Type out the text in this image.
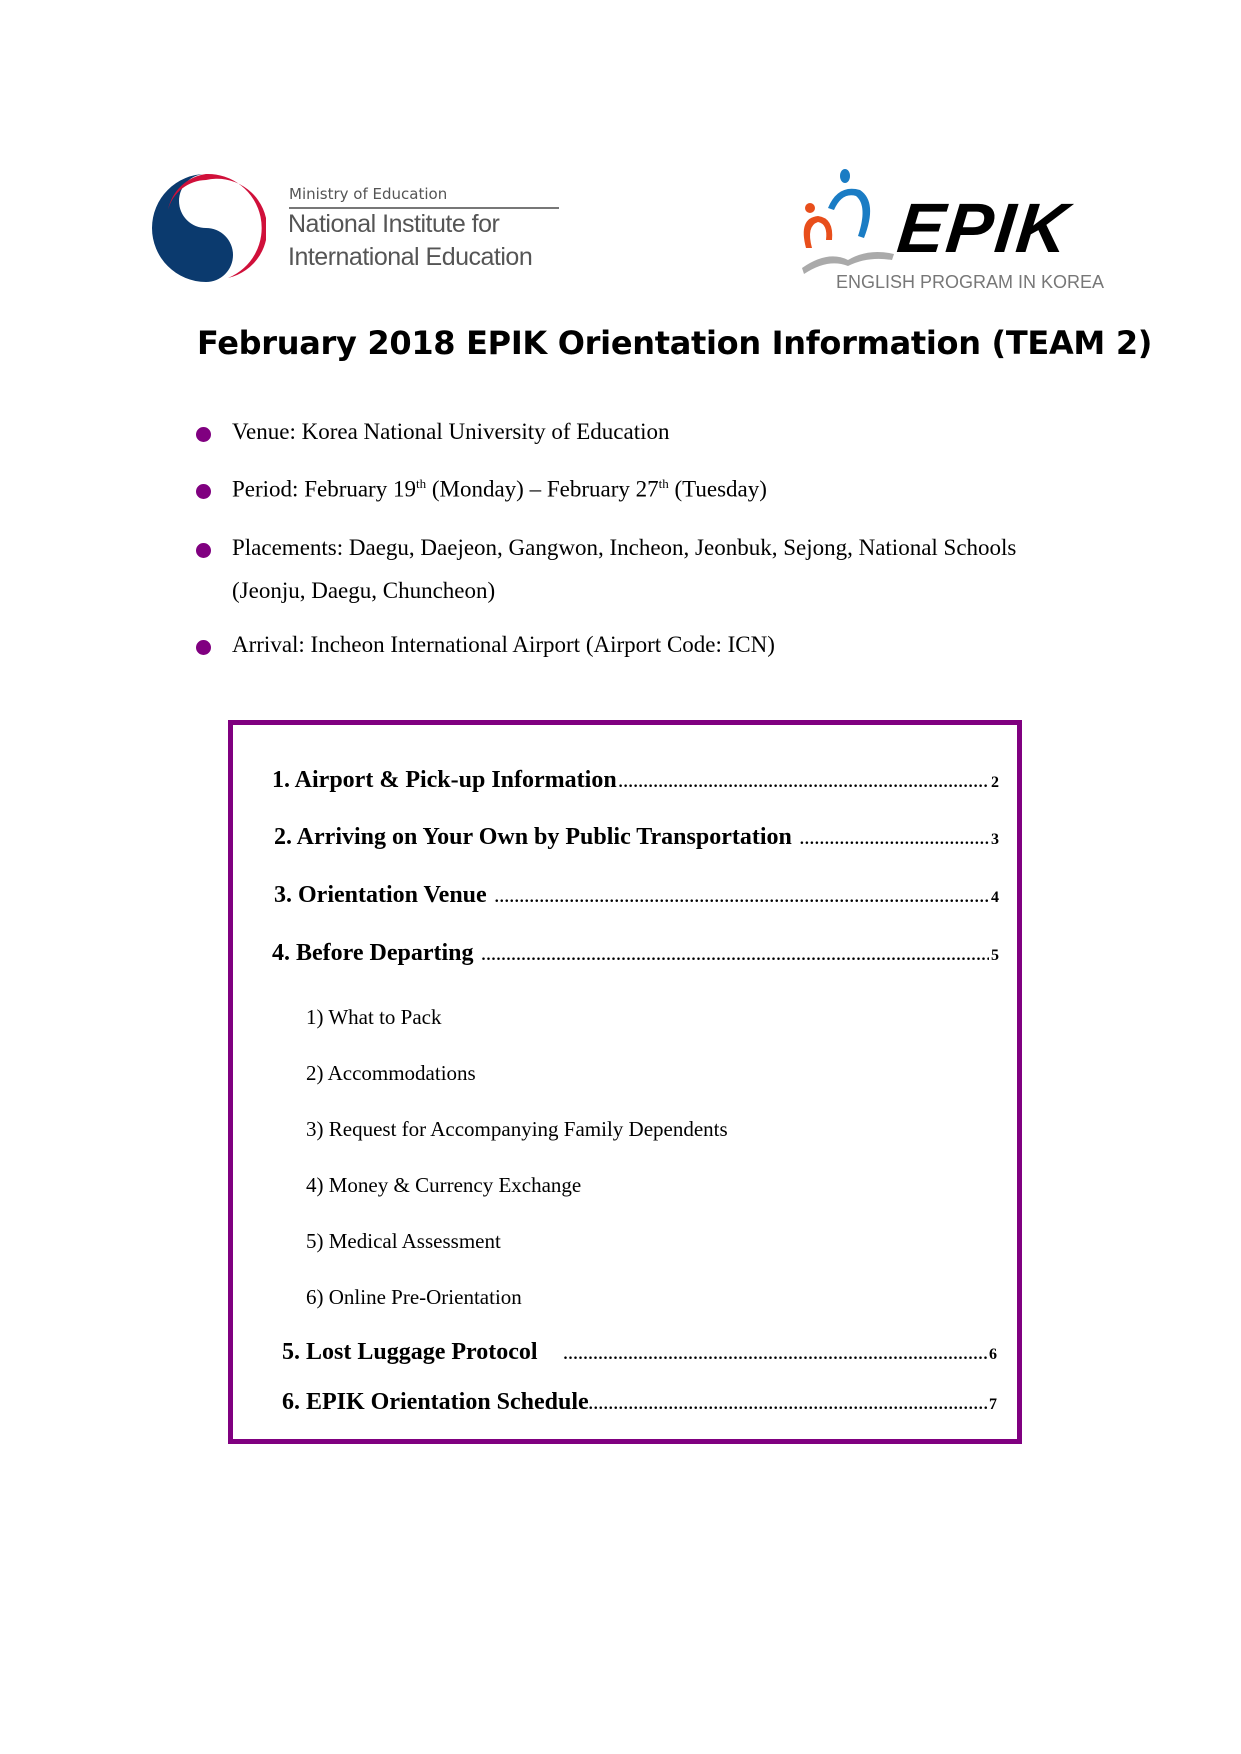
Ministry of Education
National Institute for
International Education	EPIK
ENGLISH PROGRAM IN KOREA
February 2018 EPIK Orientation Information (TEAM 2)
Venue: Korea National University of Education
Period: February 19th (Monday) – February 27th (Tuesday)
Placements: Daegu, Daejeon, Gangwon, Incheon, Jeonbuk, Sejong, National Schools
(Jeonju, Daegu, Chuncheon)
Arrival: Incheon International Airport (Airport Code: ICN)
1. Airport & Pick-up Information .....	2
2. Arriving on Your Own by Public Transportation .....	3
3. Orientation Venue .....	4
4. Before Departing .....	5
1) What to Pack
2) Accommodations
3) Request for Accompanying Family Dependents
4) Money & Currency Exchange
5) Medical Assessment
6) Online Pre-Orientation
5. Lost Luggage Protocol .....	6
6. EPIK Orientation Schedule .....	7
